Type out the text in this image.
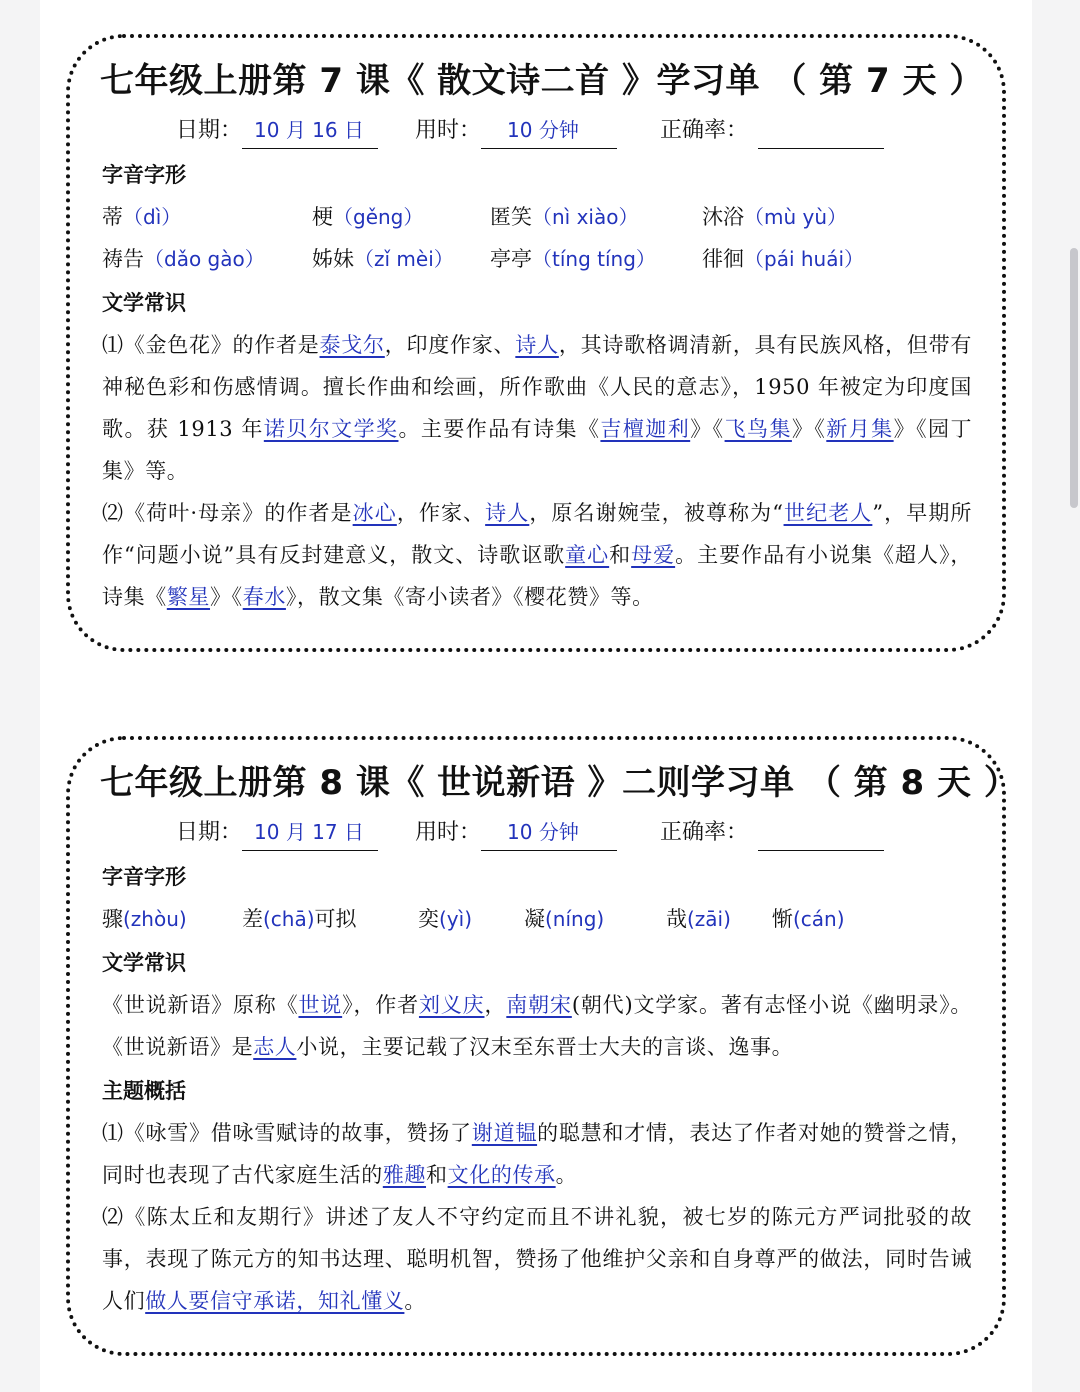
七年级上册第 7 课《 散文诗二首 》学习单 （ 第 7 天 ）
日期： 10 月 16 日 用时： 10 分钟	正确率：
字音字形
蒂（dì）	梗（gěng）	匿笑（nì xiào）	沐浴（mù yù）
祷告（dǎo gào） 姊妹（zǐ mèi） 亭亭（tíng tíng） 徘徊（pái huái）
文学常识

⑴《金色花》的作者是泰戈尔，印度作家、诗人，其诗歌格调清新，具有民族风格，但带有神秘色彩和伤感情调。擅长作曲和绘画，所作歌曲《人民的意志》，1950 年被定为印度国歌。获 1913 年诺贝尔文学奖。主要作品有诗集《吉檀迦利》《飞鸟集》《新月集》《园丁集》等。

⑵《荷叶·母亲》的作者是冰心，作家、诗人，原名谢婉莹，被尊称为“世纪老人”，早期所作“问题小说”具有反封建意义，散文、诗歌讴歌童心和母爱。主要作品有小说集《超人》，诗集《繁星》《春水》，散文集《寄小读者》《樱花赞》等。

七年级上册第 8 课《 世说新语 》二则学习单 （ 第 8 天 ）
日期： 10 月 17 日 用时： 10 分钟	正确率：
字音字形
骤(zhòu)	差(chā)可拟	奕(yì) 凝(níng)	哉(zāi) 惭(cán)
文学常识

《世说新语》原称《世说》，作者刘义庆，南朝宋(朝代)文学家。著有志怪小说《幽明录》。《世说新语》是志人小说，主要记载了汉末至东晋士大夫的言谈、逸事。

主题概括

⑴《咏雪》借咏雪赋诗的故事，赞扬了谢道韫的聪慧和才情，表达了作者对她的赞誉之情，同时也表现了古代家庭生活的雅趣和文化的传承。

⑵《陈太丘和友期行》讲述了友人不守约定而且不讲礼貌，被七岁的陈元方严词批驳的故事，表现了陈元方的知书达理、聪明机智，赞扬了他维护父亲和自身尊严的做法，同时告诫人们做人要信守承诺，知礼懂义。
